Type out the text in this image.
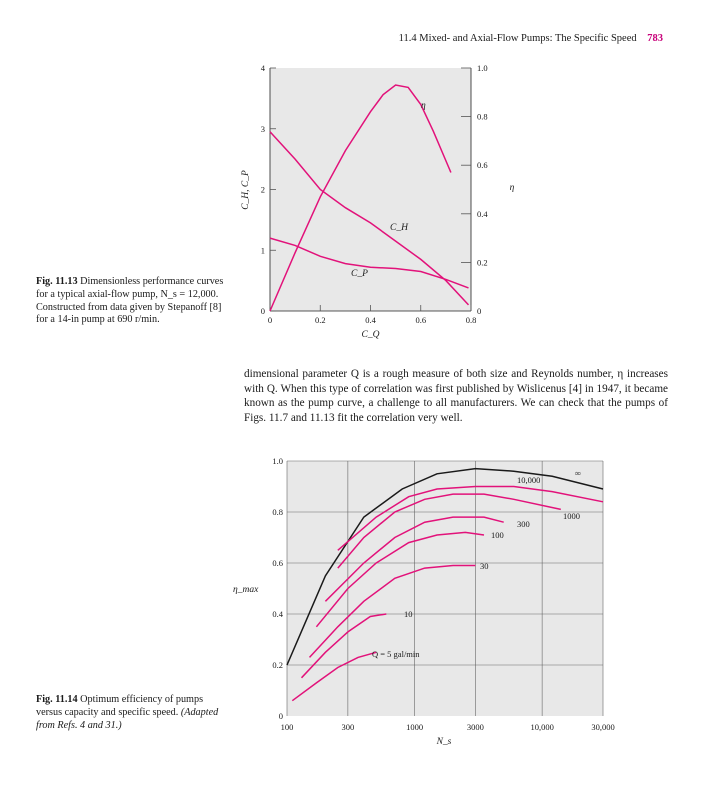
11.4 Mixed- and Axial-Flow Pumps: The Specific Speed 783
Fig. 11.13 Dimensionless performance curves for a typical axial-flow pump, N_s = 12,000. Constructed from data given by Stepanoff [8] for a 14-in pump at 690 r/min.
dimensional parameter Q is a rough measure of both size and Reynolds number, η increases with Q. When this type of correlation was first published by Wislicenus [4] in 1947, it became known as the pump curve, a challenge to all manufacturers. We can check that the pumps of Figs. 11.7 and 11.13 fit the correlation very well.
Fig. 11.14 Optimum efficiency of pumps versus capacity and specific speed. (Adapted from Refs. 4 and 31.)
0	0.2	0.4	0.6	0.8
0
1
2
3
4
0
0.2
0.4
0.6
0.8
1.0
η
C_H
C_P
C_Q
C_H, C_P	η
0
0.2
0.4
0.6
0.8
1.0
100	300	1000	3000	10,000	30,000
∞
10,000
1000
300
100
30
10
Q = 5 gal/min
N_s
η_max
